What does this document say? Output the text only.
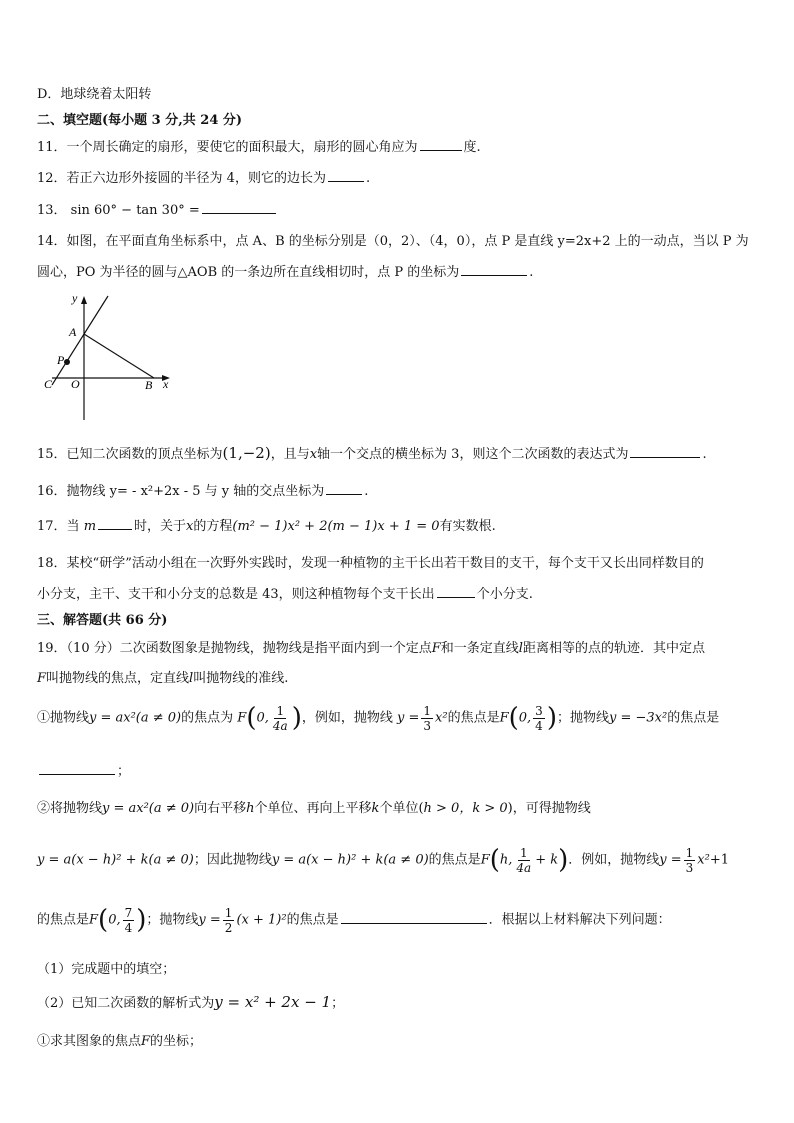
D．地球绕着太阳转
二、填空题(每小题 3 分,共 24 分)
11．一个周长确定的扇形，要使它的面积最大，扇形的圆心角应为	度.
12．若正六边形外接圆的半径为 4，则它的边长为	.
13． sin 60° − tan 30° =
14．如图，在平面直角坐标系中，点 A、B 的坐标分别是（0，2）、（4，0），点 P 是直线 y=2x+2 上的一动点，当以 P 为
圆心，PO 为半径的圆与△AOB 的一条边所在直线相切时，点 P 的坐标为	.
y
x
A
P
C O	B
15．已知二次函数的顶点坐标为(1,−2)，且与x轴一个交点的横坐标为 3，则这个二次函数的表达式为	.
16．抛物线 y= - x²+2x - 5 与 y 轴的交点坐标为	.
17．当 m	时，关于x的方程(m² − 1)x² + 2(m − 1)x + 1 = 0有实数根.
18．某校“研学”活动小组在一次野外实践时，发现一种植物的主干长出若干数目的支干，每个支干又长出同样数目的
小分支，主干、支干和小分支的总数是 43，则这种植物每个支干长出	个小分支.
三、解答题(共 66 分)
19．（10 分）二次函数图象是抛物线，抛物线是指平面内到一个定点F和一条定直线l距离相等的点的轨迹．其中定点
F叫抛物线的焦点，定直线l叫抛物线的准线.
①抛物线y = ax²(a ≠ 0)的焦点为 F(0, $\frac{1}{4a}$ )，例如，抛物线 $y = \frac{1}{3} x^2$的焦点是F(0, $\frac{3}{4}$ )；抛物线y = −3x²的焦点是
；
②将抛物线y = ax²(a ≠ 0)向右平移h个单位、再向上平移k个单位(h > 0，k > 0)，可得抛物线
y = a(x − h)² + k(a ≠ 0)；因此抛物线y = a(x − h)² + k(a ≠ 0)的焦点是F(h, $\frac{1}{4a} + k$)．例如，抛物线$y = \frac{1}{3} x^2+1$
的焦点是F(0, $\frac{7}{4}$ )；抛物线$y = \frac{1}{2} (x + 1)^2$的焦点是	．根据以上材料解决下列问题：
（1）完成题中的填空；
（2）已知二次函数的解析式为y = x² + 2x − 1；
①求其图象的焦点F的坐标；
